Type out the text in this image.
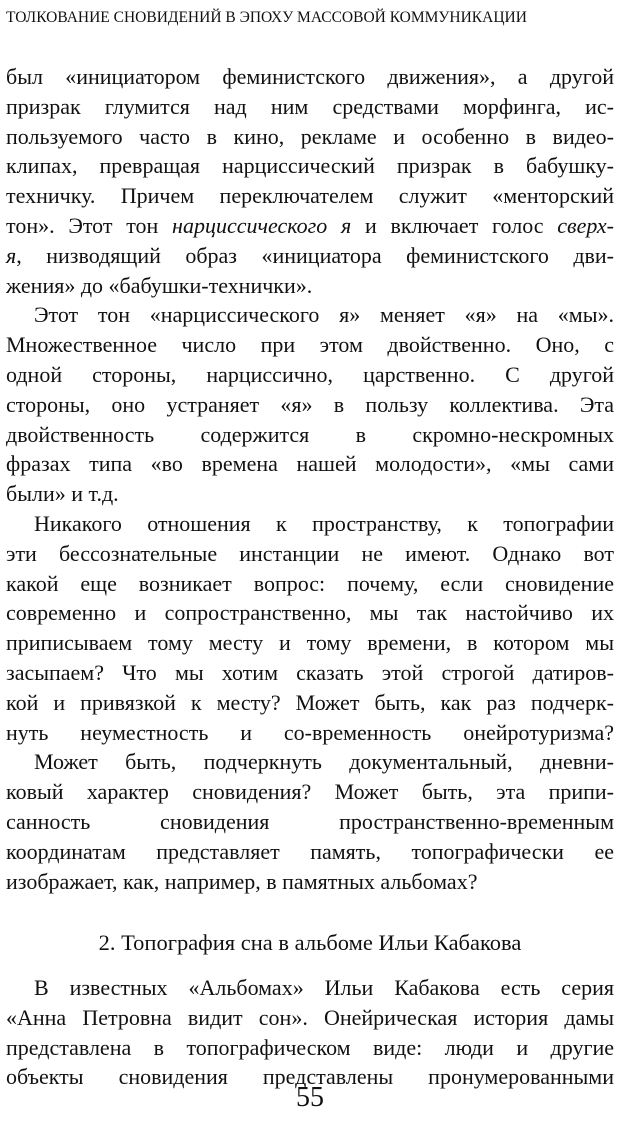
ТОЛКОВАНИЕ СНОВИДЕНИЙ В ЭПОХУ МАССОВОЙ КОММУНИКАЦИИ
был «инициатором феминистского движения», а другой
призрак глумится над ним средствами морфинга, ис-
пользуемого часто в кино, рекламе и особенно в видео-
клипах, превращая нарциссический призрак в бабушку-
техничку. Причем переключателем служит «менторский
тон». Этот тон нарциссического я и включает голос сверх-
я, низводящий образ «инициатора феминистского дви-
жения» до «бабушки-технички».
Этот тон «нарциссического я» меняет «я» на «мы».
Множественное число при этом двойственно. Оно, с
одной стороны, нарциссично, царственно. С другой
стороны, оно устраняет «я» в пользу коллектива. Эта
двойственность содержится в скромно-нескромных
фразах типа «во времена нашей молодости», «мы сами
были» и т.д.
Никакого отношения к пространству, к топографии
эти бессознательные инстанции не имеют. Однако вот
какой еще возникает вопрос: почему, если сновидение
современно и сопространственно, мы так настойчиво их
приписываем тому месту и тому времени, в котором мы
засыпаем? Что мы хотим сказать этой строгой датиров-
кой и привязкой к месту? Может быть, как раз подчерк-
нуть неуместность и со-временность онейротуризма?
Может быть, подчеркнуть документальный, дневни-
ковый характер сновидения? Может быть, эта припи-
санность сновидения пространственно-временным
координатам представляет память, топографически ее
изображает, как, например, в памятных альбомах?
2. Топография сна в альбоме Ильи Кабакова
В известных «Альбомах» Ильи Кабакова есть серия
«Анна Петровна видит сон». Онейрическая история дамы
представлена в топографическом виде: люди и другие
объекты сновидения представлены пронумерованными
55
